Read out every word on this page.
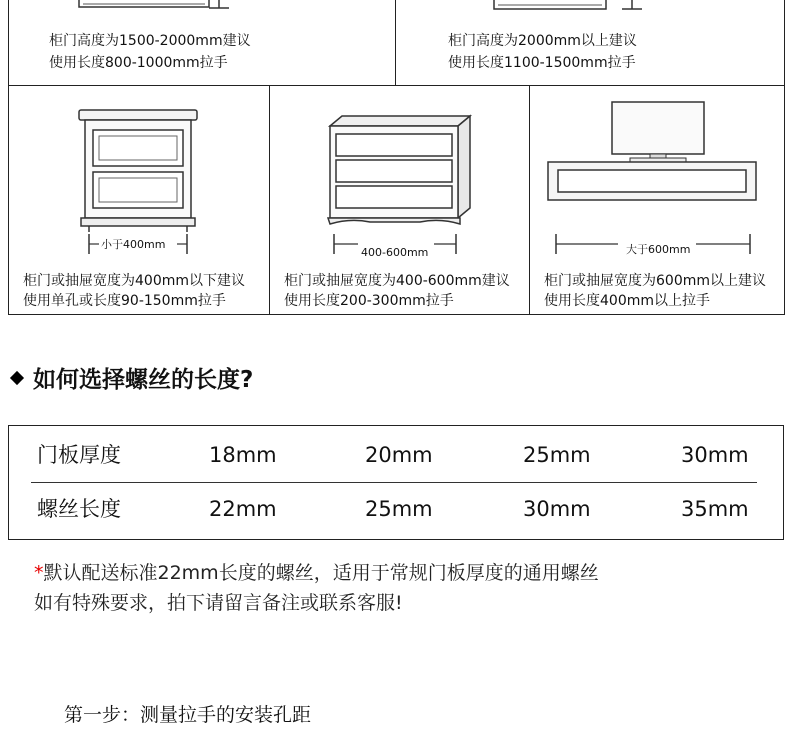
柜门高度为1500-2000mm建议
使用长度800-1000mm拉手
柜门高度为2000mm以上建议
使用长度1100-1500mm拉手
小于400mm
柜门或抽屉宽度为400mm以下建议
使用单孔或长度90-150mm拉手
400-600mm
柜门或抽屉宽度为400-600mm建议
使用长度200-300mm拉手
大于600mm
柜门或抽屉宽度为600mm以上建议
使用长度400mm以上拉手
如何选择螺丝的长度?
门板厚度	18mm	20mm	25mm	30mm
螺丝长度	22mm	25mm	30mm	35mm
*默认配送标准22mm长度的螺丝，适用于常规门板厚度的通用螺丝
如有特殊要求，拍下请留言备注或联系客服!
第一步：测量拉手的安装孔距
